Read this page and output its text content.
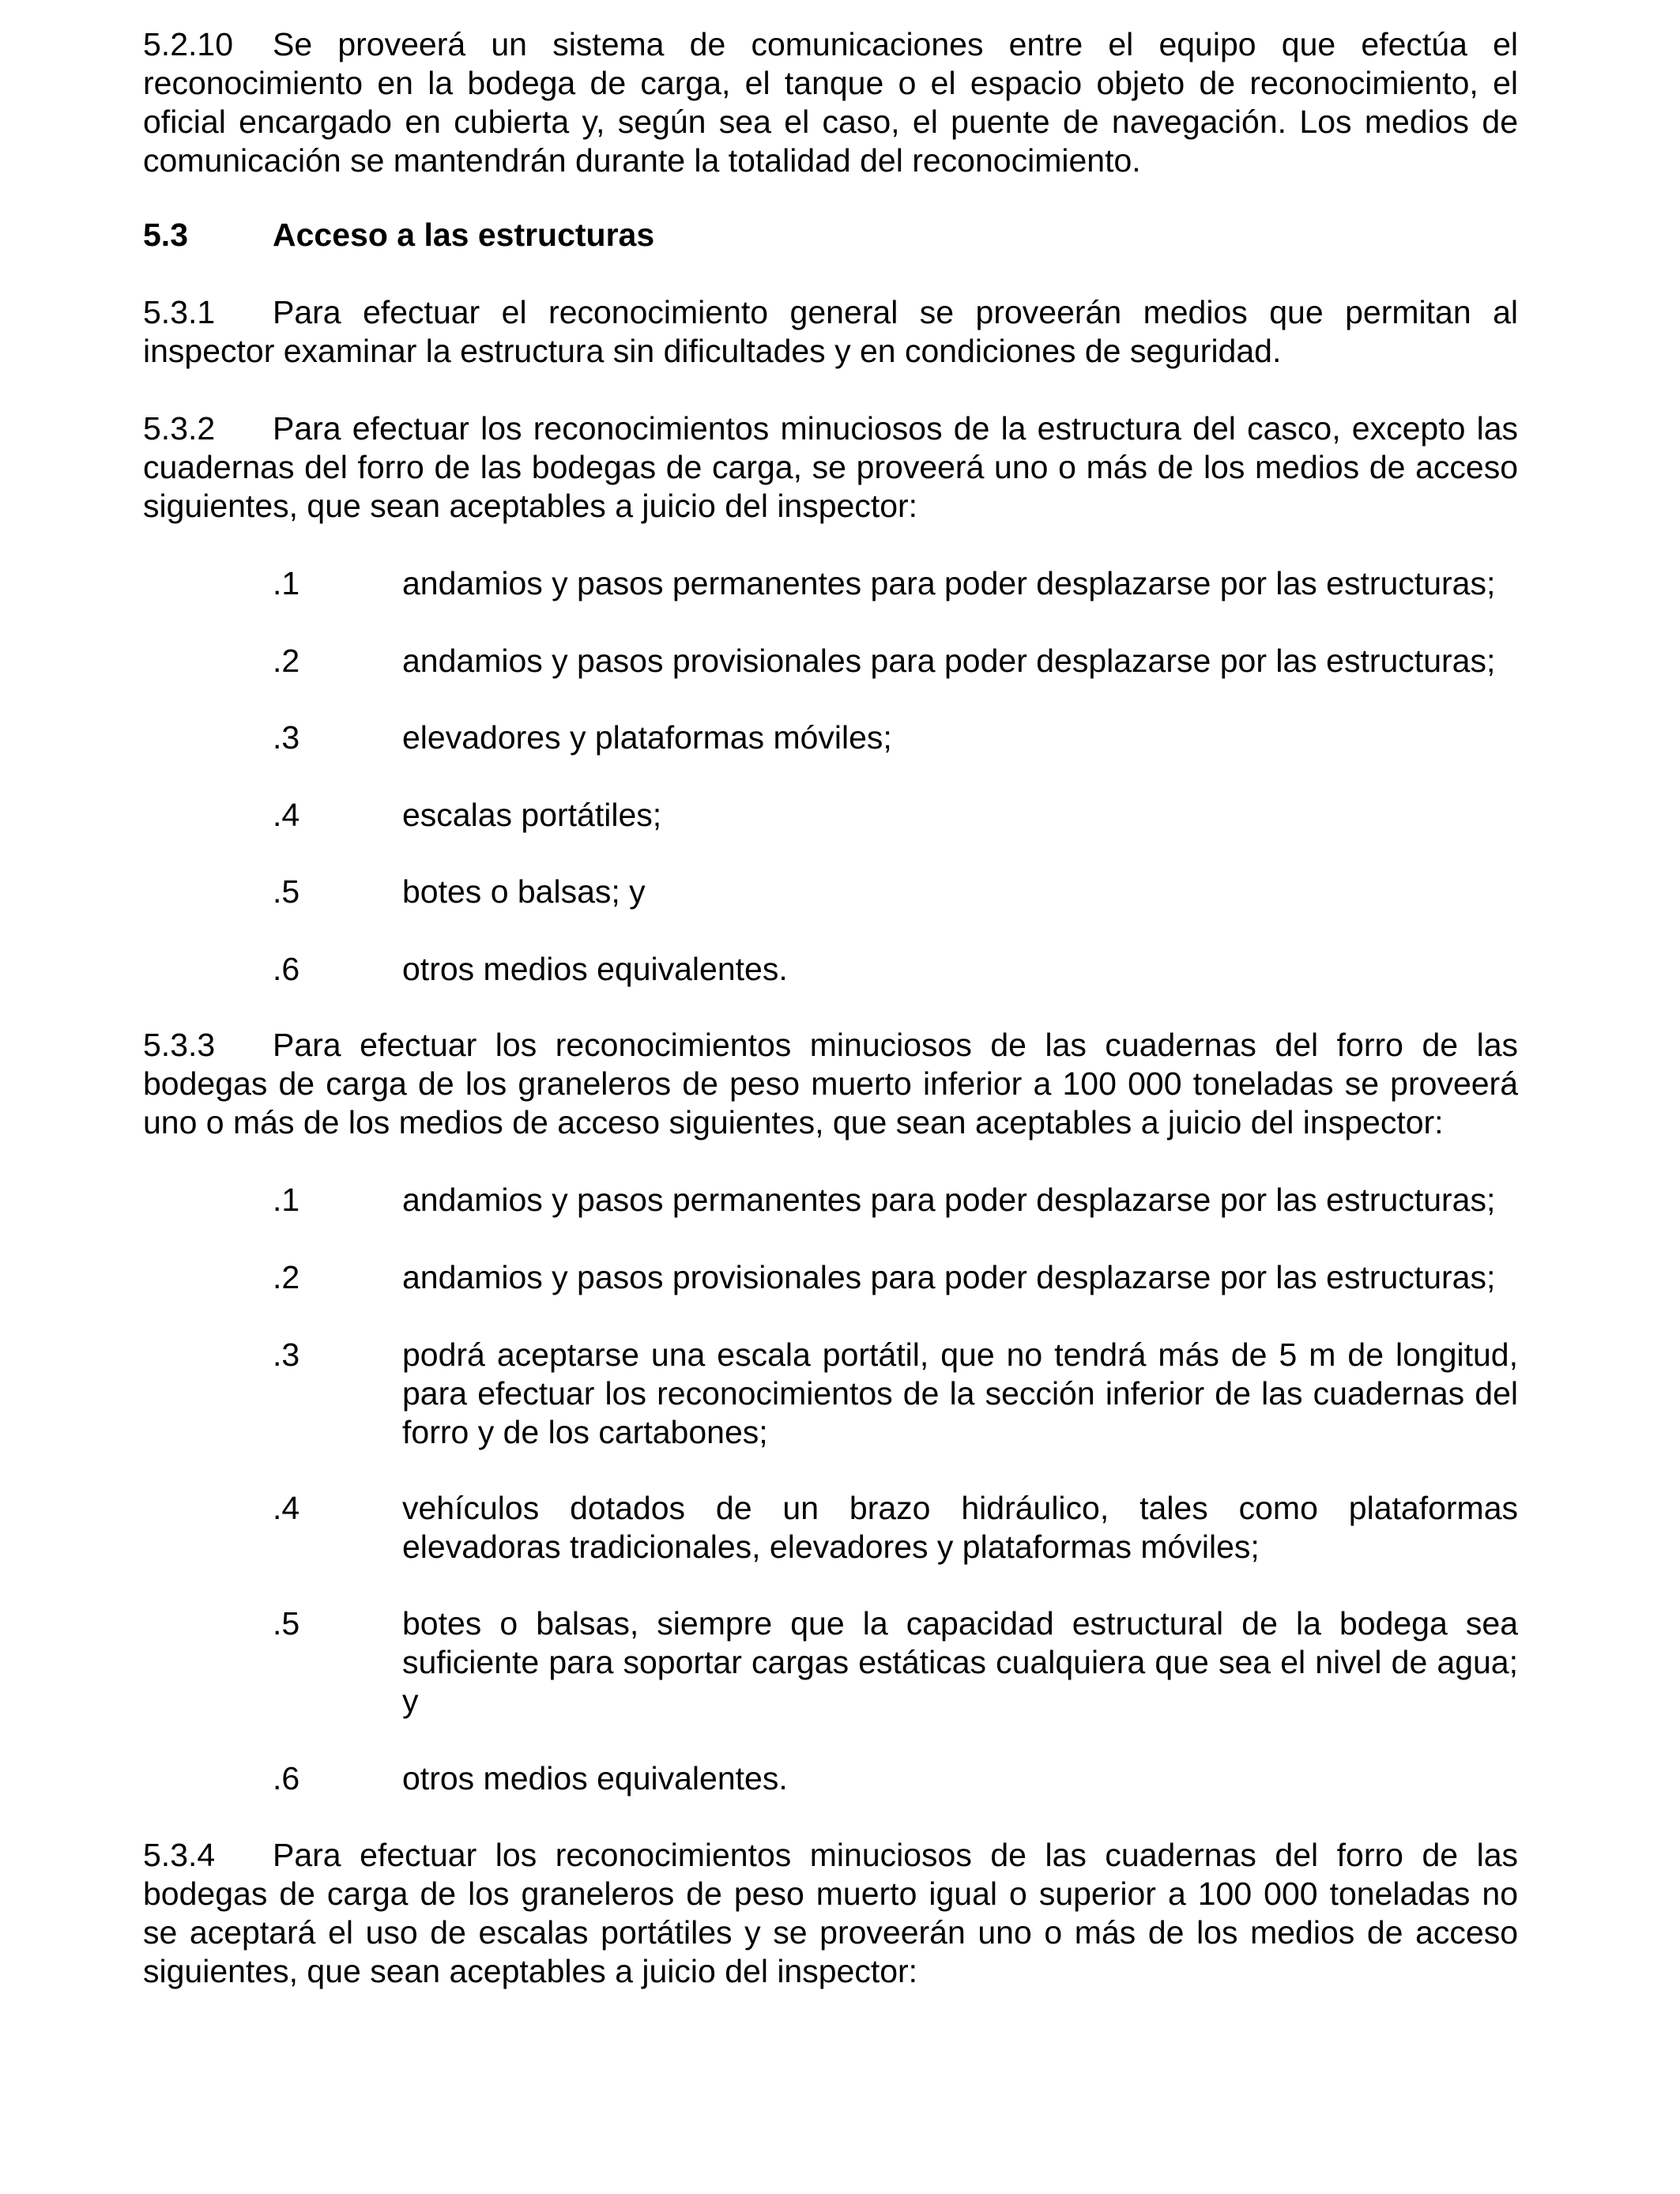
5.2.10 Se proveerá un sistema de comunicaciones entre el equipo que efectúa el
reconocimiento en la bodega de carga, el tanque o el espacio objeto de reconocimiento, el
oficial encargado en cubierta y, según sea el caso, el puente de navegación. Los medios de
comunicación se mantendrán durante la totalidad del reconocimiento.
5.3	Acceso a las estructuras
5.3.1 Para efectuar el reconocimiento general se proveerán medios que permitan al
inspector examinar la estructura sin dificultades y en condiciones de seguridad.
5.3.2 Para efectuar los reconocimientos minuciosos de la estructura del casco, excepto las
cuadernas del forro de las bodegas de carga, se proveerá uno o más de los medios de acceso
siguientes, que sean aceptables a juicio del inspector:
.1	andamios y pasos permanentes para poder desplazarse por las estructuras;
.2	andamios y pasos provisionales para poder desplazarse por las estructuras;
.3	elevadores y plataformas móviles;
.4	escalas portátiles;
.5	botes o balsas; y
.6	otros medios equivalentes.
5.3.3 Para efectuar los reconocimientos minuciosos de las cuadernas del forro de las
bodegas de carga de los graneleros de peso muerto inferior a 100 000 toneladas se proveerá
uno o más de los medios de acceso siguientes, que sean aceptables a juicio del inspector:
.1	andamios y pasos permanentes para poder desplazarse por las estructuras;
.2	andamios y pasos provisionales para poder desplazarse por las estructuras;
.3	podrá aceptarse una escala portátil, que no tendrá más de 5 m de longitud,
para efectuar los reconocimientos de la sección inferior de las cuadernas del
forro y de los cartabones;
.4	vehículos dotados de un brazo hidráulico, tales como plataformas
elevadoras tradicionales, elevadores y plataformas móviles;
.5	botes o balsas, siempre que la capacidad estructural de la bodega sea
suficiente para soportar cargas estáticas cualquiera que sea el nivel de agua;
y
.6	otros medios equivalentes.
5.3.4 Para efectuar los reconocimientos minuciosos de las cuadernas del forro de las
bodegas de carga de los graneleros de peso muerto igual o superior a 100 000 toneladas no
se aceptará el uso de escalas portátiles y se proveerán uno o más de los medios de acceso
siguientes, que sean aceptables a juicio del inspector:
